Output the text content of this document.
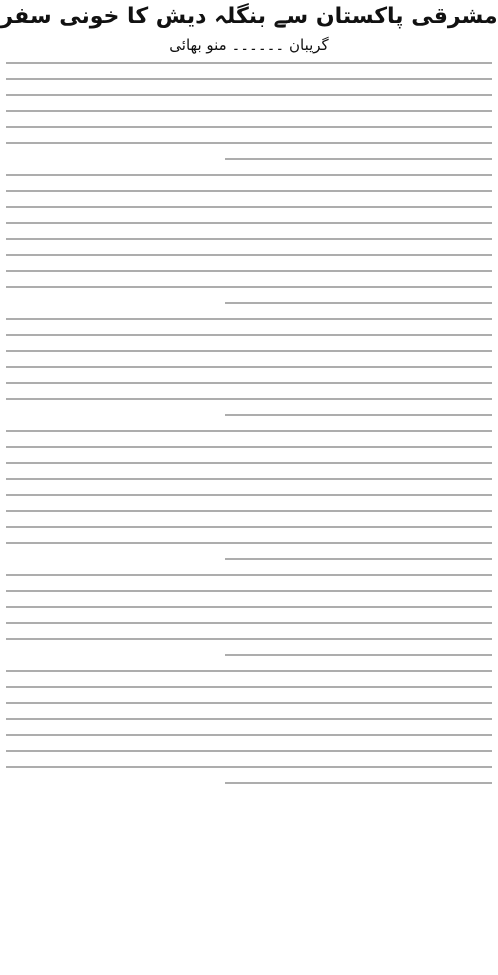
مشرقی پاکستان سے بنگلہ دیش کا خونی سفر
گریبان ۔۔۔۔۔۔ منو بھائی
